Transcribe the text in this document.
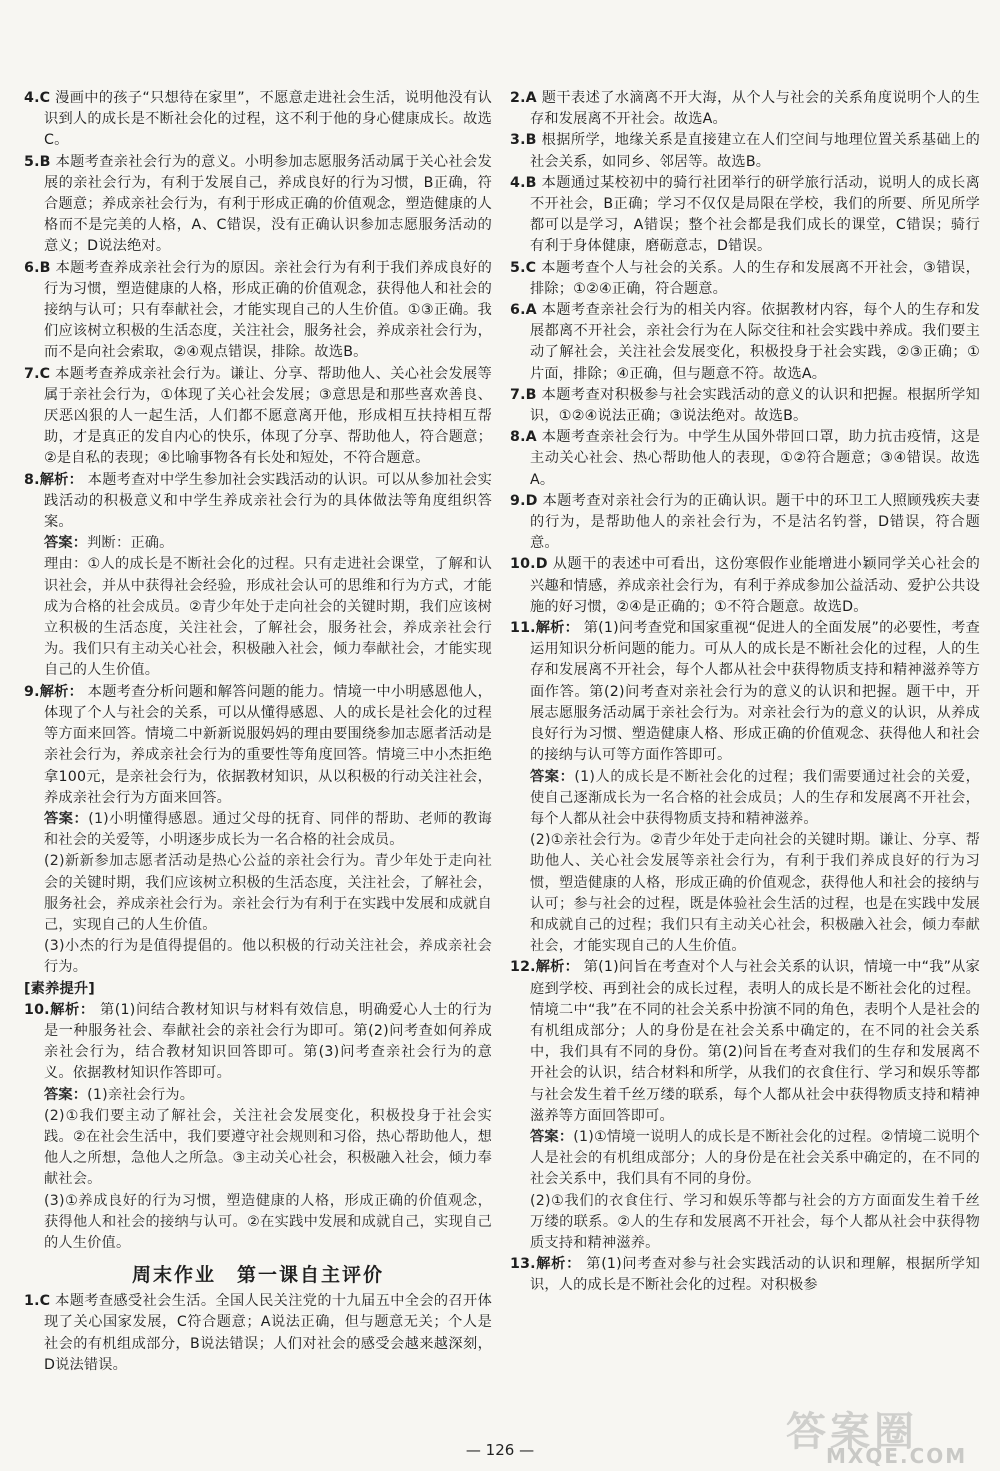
4.C 漫画中的孩子“只想待在家里”，不愿意走进社会生活，说明他没有认识到人的成长是不断社会化的过程，这不利于他的身心健康成长。故选C。

5.B 本题考查亲社会行为的意义。小明参加志愿服务活动属于关心社会发展的亲社会行为，有利于发展自己，养成良好的行为习惯，B正确，符合题意；养成亲社会行为，有利于形成正确的价值观念，塑造健康的人格而不是完美的人格，A、C错误，没有正确认识参加志愿服务活动的意义；D说法绝对。

6.B 本题考查养成亲社会行为的原因。亲社会行为有利于我们养成良好的行为习惯，塑造健康的人格，形成正确的价值观念，获得他人和社会的接纳与认可；只有奉献社会，才能实现自己的人生价值。①③正确。我们应该树立积极的生活态度，关注社会，服务社会，养成亲社会行为，而不是向社会索取，②④观点错误，排除。故选B。

7.C 本题考查养成亲社会行为。谦让、分享、帮助他人、关心社会发展等属于亲社会行为，①体现了关心社会发展；③意思是和那些喜欢善良、厌恶凶狠的人一起生活，人们都不愿意离开他，形成相互扶持相互帮助，才是真正的发自内心的快乐，体现了分享、帮助他人，符合题意；②是自私的表现；④比喻事物各有长处和短处，不符合题意。

8.解析： 本题考查对中学生参加社会实践活动的认识。可以从参加社会实践活动的积极意义和中学生养成亲社会行为的具体做法等角度组织答案。

答案：判断：正确。

理由：①人的成长是不断社会化的过程。只有走进社会课堂，了解和认识社会，并从中获得社会经验，形成社会认可的思维和行为方式，才能成为合格的社会成员。②青少年处于走向社会的关键时期，我们应该树立积极的生活态度，关注社会，了解社会，服务社会，养成亲社会行为。我们只有主动关心社会，积极融入社会，倾力奉献社会，才能实现自己的人生价值。

9.解析： 本题考查分析问题和解答问题的能力。情境一中小明感恩他人，体现了个人与社会的关系，可以从懂得感恩、人的成长是社会化的过程等方面来回答。情境二中新新说服妈妈的理由要围绕参加志愿者活动是亲社会行为，养成亲社会行为的重要性等角度回答。情境三中小杰拒绝拿100元，是亲社会行为，依据教材知识，从以积极的行动关注社会，养成亲社会行为方面来回答。

答案：(1)小明懂得感恩。通过父母的抚育、同伴的帮助、老师的教诲和社会的关爱等，小明逐步成长为一名合格的社会成员。

(2)新新参加志愿者活动是热心公益的亲社会行为。青少年处于走向社会的关键时期，我们应该树立积极的生活态度，关注社会，了解社会，服务社会，养成亲社会行为。亲社会行为有利于在实践中发展和成就自己，实现自己的人生价值。

(3)小杰的行为是值得提倡的。他以积极的行动关注社会，养成亲社会行为。

[素养提升]

10.解析： 第(1)问结合教材知识与材料有效信息，明确爱心人士的行为是一种服务社会、奉献社会的亲社会行为即可。第(2)问考查如何养成亲社会行为，结合教材知识回答即可。第(3)问考查亲社会行为的意义。依据教材知识作答即可。

答案：(1)亲社会行为。

(2)①我们要主动了解社会，关注社会发展变化，积极投身于社会实践。②在社会生活中，我们要遵守社会规则和习俗，热心帮助他人，想他人之所想，急他人之所急。③主动关心社会，积极融入社会，倾力奉献社会。

(3)①养成良好的行为习惯，塑造健康的人格，形成正确的价值观念，获得他人和社会的接纳与认可。②在实践中发展和成就自己，实现自己的人生价值。

周末作业　第一课自主评价

1.C 本题考查感受社会生活。全国人民关注党的十九届五中全会的召开体现了关心国家发展，C符合题意；A说法正确，但与题意无关；个人是社会的有机组成部分，B说法错误；人们对社会的感受会越来越深刻，D说法错误。

2.A 题干表述了水滴离不开大海，从个人与社会的关系角度说明个人的生存和发展离不开社会。故选A。

3.B 根据所学，地缘关系是直接建立在人们空间与地理位置关系基础上的社会关系，如同乡、邻居等。故选B。

4.B 本题通过某校初中的骑行社团举行的研学旅行活动，说明人的成长离不开社会，B正确；学习不仅仅是局限在学校，我们的所要、所见所学都可以是学习，A错误；整个社会都是我们成长的课堂，C错误；骑行有利于身体健康，磨砺意志，D错误。

5.C 本题考查个人与社会的关系。人的生存和发展离不开社会，③错误，排除；①②④正确，符合题意。

6.A 本题考查亲社会行为的相关内容。依据教材内容，每个人的生存和发展都离不开社会，亲社会行为在人际交往和社会实践中养成。我们要主动了解社会，关注社会发展变化，积极投身于社会实践，②③正确；①片面，排除；④正确，但与题意不符。故选A。

7.B 本题考查对积极参与社会实践活动的意义的认识和把握。根据所学知识，①②④说法正确；③说法绝对。故选B。

8.A 本题考查亲社会行为。中学生从国外带回口罩，助力抗击疫情，这是主动关心社会、热心帮助他人的表现，①②符合题意；③④错误。故选A。

9.D 本题考查对亲社会行为的正确认识。题干中的环卫工人照顾残疾夫妻的行为，是帮助他人的亲社会行为，不是沽名钓誉，D错误，符合题意。

10.D 从题干的表述中可看出，这份寒假作业能增进小颖同学关心社会的兴趣和情感，养成亲社会行为，有利于养成参加公益活动、爱护公共设施的好习惯，②④是正确的；①不符合题意。故选D。

11.解析： 第(1)问考查党和国家重视“促进人的全面发展”的必要性，考查运用知识分析问题的能力。可从人的成长是不断社会化的过程，人的生存和发展离不开社会，每个人都从社会中获得物质支持和精神滋养等方面作答。第(2)问考查对亲社会行为的意义的认识和把握。题干中，开展志愿服务活动属于亲社会行为。对亲社会行为的意义的认识，从养成良好行为习惯、塑造健康人格、形成正确的价值观念、获得他人和社会的接纳与认可等方面作答即可。

答案：(1)人的成长是不断社会化的过程；我们需要通过社会的关爱，使自己逐渐成长为一名合格的社会成员；人的生存和发展离不开社会，每个人都从社会中获得物质支持和精神滋养。

(2)①亲社会行为。②青少年处于走向社会的关键时期。谦让、分享、帮助他人、关心社会发展等亲社会行为，有利于我们养成良好的行为习惯，塑造健康的人格，形成正确的价值观念，获得他人和社会的接纳与认可；参与社会的过程，既是体验社会生活的过程，也是在实践中发展和成就自己的过程；我们只有主动关心社会，积极融入社会，倾力奉献社会，才能实现自己的人生价值。

12.解析： 第(1)问旨在考查对个人与社会关系的认识，情境一中“我”从家庭到学校、再到社会的成长过程，表明人的成长是不断社会化的过程。情境二中“我”在不同的社会关系中扮演不同的角色，表明个人是社会的有机组成部分；人的身份是在社会关系中确定的，在不同的社会关系中，我们具有不同的身份。第(2)问旨在考查对我们的生存和发展离不开社会的认识，结合材料和所学，从我们的衣食住行、学习和娱乐等都与社会发生着千丝万缕的联系，每个人都从社会中获得物质支持和精神滋养等方面回答即可。

答案：(1)①情境一说明人的成长是不断社会化的过程。②情境二说明个人是社会的有机组成部分；人的身份是在社会关系中确定的，在不同的社会关系中，我们具有不同的身份。

(2)①我们的衣食住行、学习和娱乐等都与社会的方方面面发生着千丝万缕的联系。②人的生存和发展离不开社会，每个人都从社会中获得物质支持和精神滋养。

13.解析： 第(1)问考查对参与社会实践活动的认识和理解，根据所学知识，人的成长是不断社会化的过程。对积极参

— 126 —	答案圈
MXQE.COM
